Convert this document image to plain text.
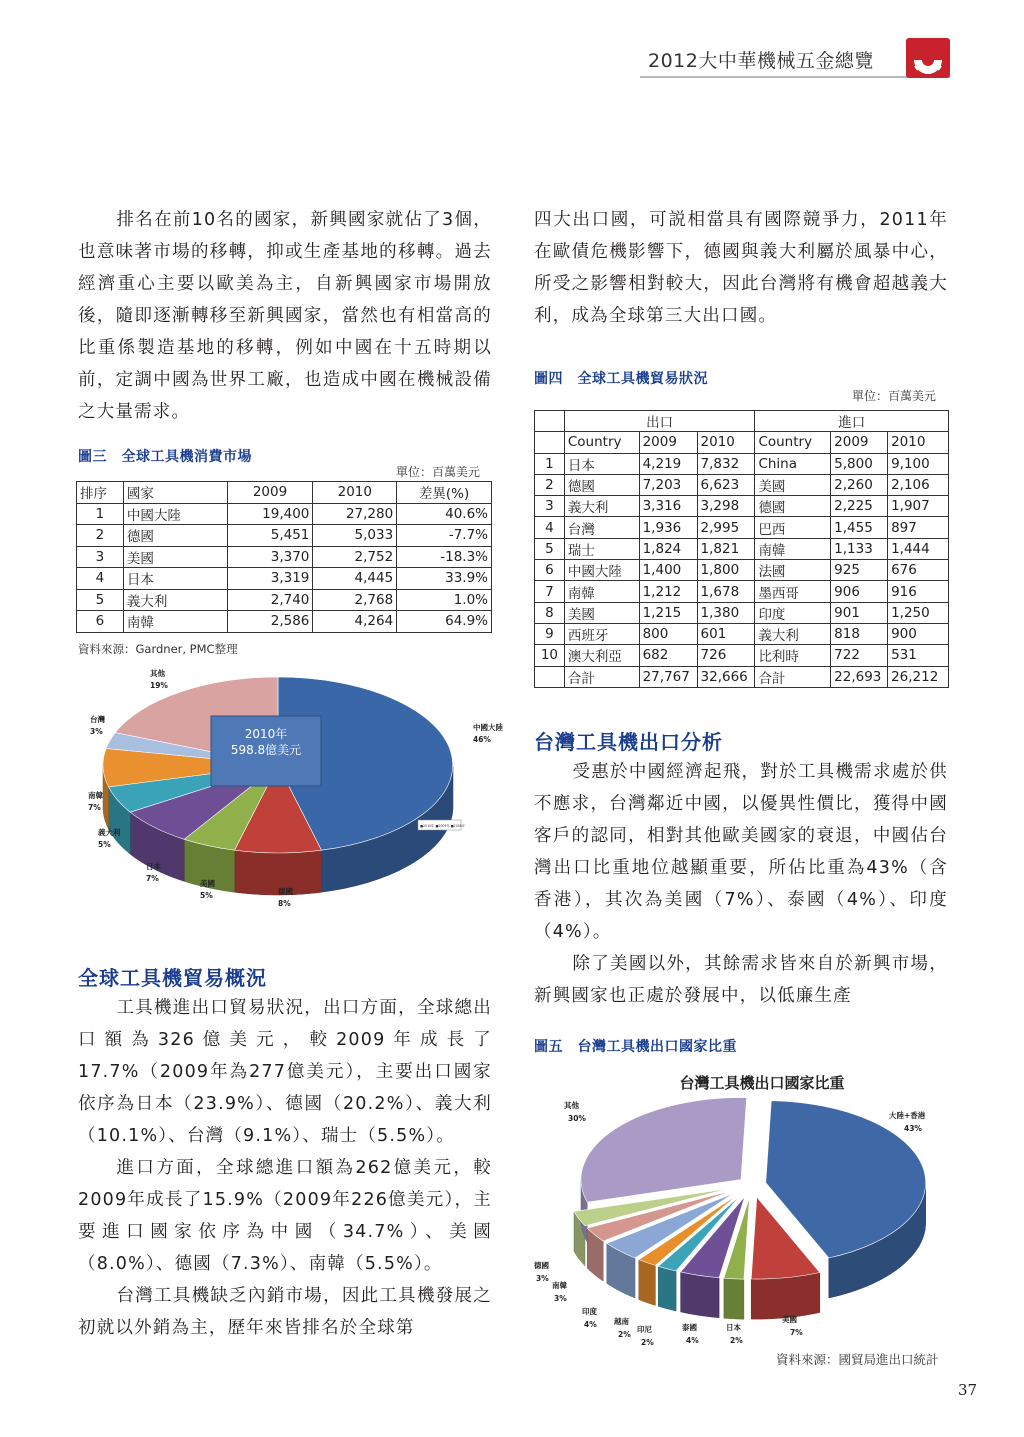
2012大中華機械五金總覽

排名在前10名的國家，新興國家就佔了3個，也意味著市場的移轉，抑或生產基地的移轉。過去經濟重心主要以歐美為主，自新興國家市場開放後，隨即逐漸轉移至新興國家，當然也有相當高的比重係製造基地的移轉，例如中國在十五時期以前，定調中國為世界工廠，也造成中國在機械設備之大量需求。

圖三　全球工具機消費市場
單位：百萬美元
排序	國家	2009	2010	差異(%)
1	中國大陸	19,400	27,280	40.6%
2	德國	5,451	5,033	-7.7%
3	美國	3,370	2,752	-18.3%
4	日本	3,319	4,445	33.9%
5	義大利	2,740	2,768	1.0%
6	南韓	2,586	4,264	64.9%
資料來源：Gardner, PMC整理
中國大陸
46%
德國
8%
美國
5%
日本
7%
義大利
5%
南韓
7%
台灣
3%
其他
19%
2010年
598.8億美元
■2010年 ■2009年 ■2008年
全球工具機貿易概況

工具機進出口貿易狀況，出口方面，全球總出口額為326億美元，較2009年成長了17.7%（2009年為277億美元），主要出口國家依序為日本（23.9%）、德國（20.2%）、義大利（10.1%）、台灣（9.1%）、瑞士（5.5%）。

進口方面，全球總進口額為262億美元，較2009年成長了15.9%（2009年226億美元），主要進口國家依序為中國（34.7%）、美國（8.0%）、德國（7.3%）、南韓（5.5%）。

台灣工具機缺乏內銷市場，因此工具機發展之初就以外銷為主，歷年來皆排名於全球第

四大出口國，可説相當具有國際競爭力，2011年在歐債危機影響下，德國與義大利屬於風暴中心，所受之影響相對較大，因此台灣將有機會超越義大利，成為全球第三大出口國。

圖四　全球工具機貿易狀況
單位：百萬美元
	出口			進口		
	Country	2009	2010	Country	2009	2010
1	日本	4,219	7,832	China	5,800	9,100
2	德國	7,203	6,623	美國	2,260	2,106
3	義大利	3,316	3,298	德國	2,225	1,907
4	台灣	1,936	2,995	巴西	1,455	897
5	瑞士	1,824	1,821	南韓	1,133	1,444
6	中國大陸	1,400	1,800	法國	925	676
7	南韓	1,212	1,678	墨西哥	906	916
8	美國	1,215	1,380	印度	901	1,250
9	西班牙	800	601	義大利	818	900
10	澳大利亞	682	726	比利時	722	531
	合計	27,767	32,666	合計	22,693	26,212
台灣工具機出口分析

受惠於中國經濟起飛，對於工具機需求處於供不應求，台灣鄰近中國，以優異性價比，獲得中國客戶的認同，相對其他歐美國家的衰退，中國佔台灣出口比重地位越顯重要，所佔比重為43%（含香港），其次為美國（7%）、泰國（4%）、印度（4%）。

除了美國以外，其餘需求皆來自於新興市場，新興國家也正處於發展中，以低廉生產

圖五　台灣工具機出口國家比重
台灣工具機出口國家比重
大陸+香港
43%
美國
7%
日本
2%
泰國
4%
印尼
2%
越南
2%
印度
4%
南韓
3%
德國
3%
其他
30%
資料來源：國貿局進出口統計
37
